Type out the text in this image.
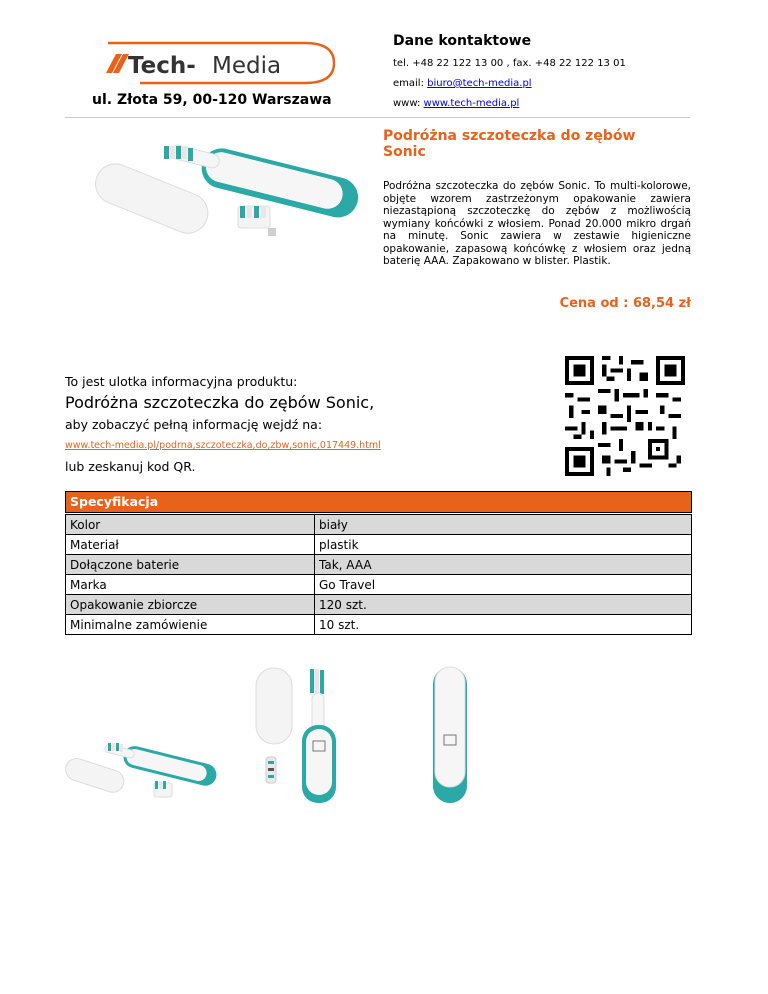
Tech- Media
ul. Złota 59, 00-120 Warszawa
Dane kontaktowe
tel. +48 22 122 13 00 , fax. +48 22 122 13 01
email: biuro@tech-media.pl
www: www.tech-media.pl
Podróżna szczoteczka do zębów Sonic
Podróżna szczoteczka do zębów Sonic. To multi-kolorowe, objęte wzorem zastrzeżonym opakowanie zawiera niezastąpioną szczoteczkę do zębów z możliwością wymiany końcówki z włosiem. Ponad 20.000 mikro drgań na minutę. Sonic zawiera w zestawie higieniczne opakowanie, zapasową końcówkę z włosiem oraz jedną baterię AAA. Zapakowano w blister. Plastik.
Cena od : 68,54 zł
To jest ulotka informacyjna produktu:
Podróżna szczoteczka do zębów Sonic,
aby zobaczyć pełną informację wejdź na:
www.tech-media.pl/podrna,szczoteczka,do,zbw,sonic,017449.html
lub zeskanuj kod QR.
Specyfikacja
Kolor	biały
Materiał	plastik
Dołączone baterie	Tak, AAA
Marka	Go Travel
Opakowanie zbiorcze	120 szt.
Minimalne zamówienie	10 szt.
